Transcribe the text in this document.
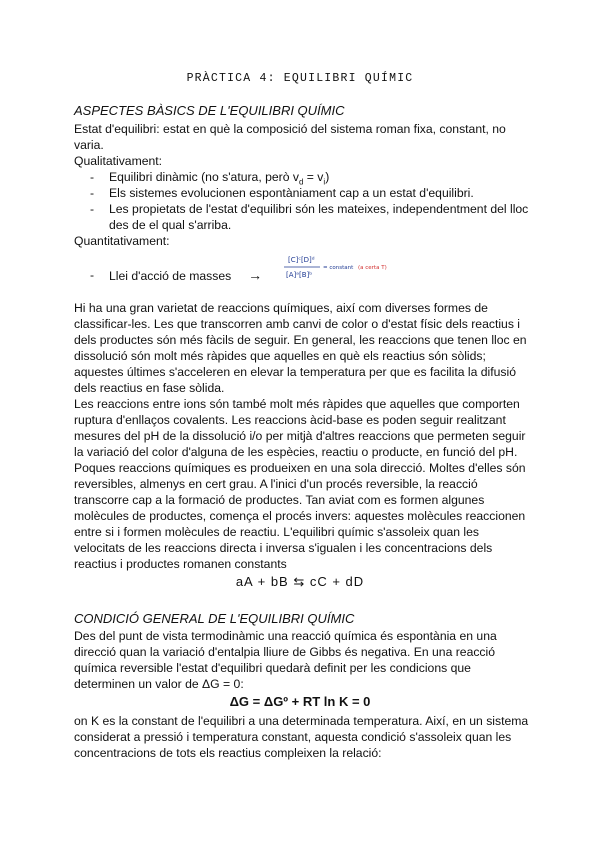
PRÀCTICA 4: EQUILIBRI QUÍMIC
ASPECTES BÀSICS DE L'EQUILIBRI QUÍMIC
Estat d'equilibri: estat en què la composició del sistema roman fixa, constant, no
varia.
Qualitativament:
- Equilibri dinàmic (no s'atura, però $v_d = v_i$)
- Els sistemes evolucionen espontàniament cap a un estat d'equilibri.
- Les propietats de l'estat d'equilibri són les mateixes, independentment del lloc
des de el qual s'arriba.
Quantitativament:
- Llei d'acció de masses →
[C]ᶜ[D]ᵈ
[A]ᵃ[B]ᵇ
= constant (a certa T)
Hi ha una gran varietat de reaccions químiques, així com diverses formes de
classificar-les. Les que transcorren amb canvi de color o d'estat físic dels reactius i
dels productes són més fàcils de seguir. En general, les reaccions que tenen lloc en
dissolució són molt més ràpides que aquelles en què els reactius són sòlids;
aquestes últimes s'acceleren en elevar la temperatura per que es facilita la difusió
dels reactius en fase sòlida.
Les reaccions entre ions són també molt més ràpides que aquelles que comporten
ruptura d'enllaços covalents. Les reaccions àcid-base es poden seguir realitzant
mesures del pH de la dissolució i/o per mitjà d'altres reaccions que permeten seguir
la variació del color d'alguna de les espècies, reactiu o producte, en funció del pH.
Poques reaccions químiques es produeixen en una sola direcció. Moltes d'elles són
reversibles, almenys en cert grau. A l'inici d'un procés reversible, la reacció
transcorre cap a la formació de productes. Tan aviat com es formen algunes
molècules de productes, comença el procés invers: aquestes molècules reaccionen
entre si i formen molècules de reactiu. L'equilibri químic s'assoleix quan les
velocitats de les reaccions directa i inversa s'igualen i les concentracions dels
reactius i productes romanen constants
aA + bB ⇆ cC + dD
CONDICIÓ GENERAL DE L'EQUILIBRI QUÍMIC
Des del punt de vista termodinàmic una reacció química és espontània en una
direcció quan la variació d'entalpia lliure de Gibbs és negativa. En una reacció
química reversible l'estat d'equilibri quedarà definit per les condicions que
determinen un valor de ΔG = 0:
ΔG = ΔGº + RT ln K = 0
on K es la constant de l'equilibri a una determinada temperatura. Així, en un sistema
considerat a pressió i temperatura constant, aquesta condició s'assoleix quan les
concentracions de tots els reactius compleixen la relació:
